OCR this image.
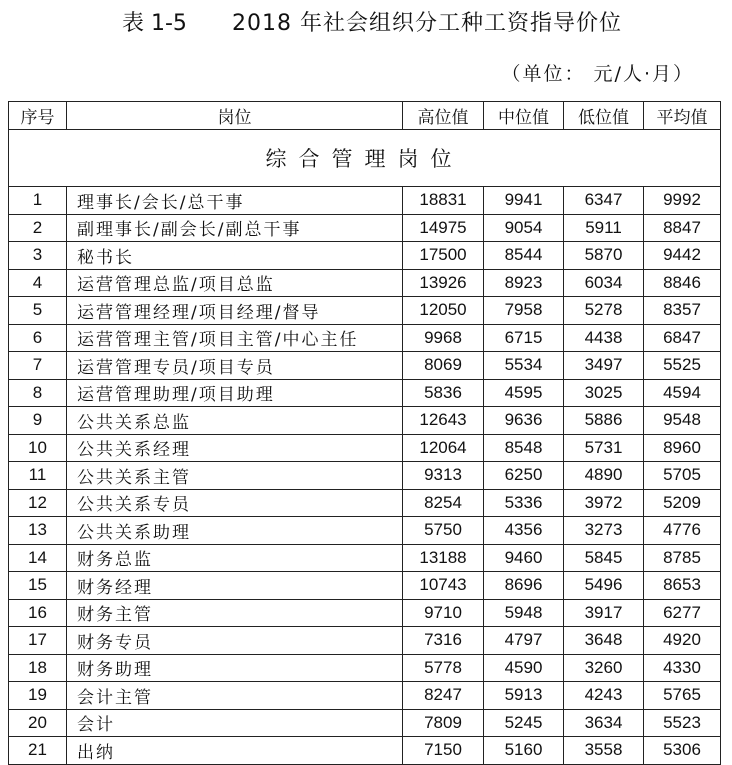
表 1-5 2018 年社会组织分工种工资指导价位
（单位： 元/人·月）
序号	岗位	高位值	中位值	低位值	平均值
综合管理岗位					
1	理事长/会长/总干事	18831	9941	6347	9992
2	副理事长/副会长/副总干事	14975	9054	5911	8847
3	秘书长	17500	8544	5870	9442
4	运营管理总监/项目总监	13926	8923	6034	8846
5	运营管理经理/项目经理/督导	12050	7958	5278	8357
6	运营管理主管/项目主管/中心主任	9968	6715	4438	6847
7	运营管理专员/项目专员	8069	5534	3497	5525
8	运营管理助理/项目助理	5836	4595	3025	4594
9	公共关系总监	12643	9636	5886	9548
10	公共关系经理	12064	8548	5731	8960
11	公共关系主管	9313	6250	4890	5705
12	公共关系专员	8254	5336	3972	5209
13	公共关系助理	5750	4356	3273	4776
14	财务总监	13188	9460	5845	8785
15	财务经理	10743	8696	5496	8653
16	财务主管	9710	5948	3917	6277
17	财务专员	7316	4797	3648	4920
18	财务助理	5778	4590	3260	4330
19	会计主管	8247	5913	4243	5765
20	会计	7809	5245	3634	5523
21	出纳	7150	5160	3558	5306
